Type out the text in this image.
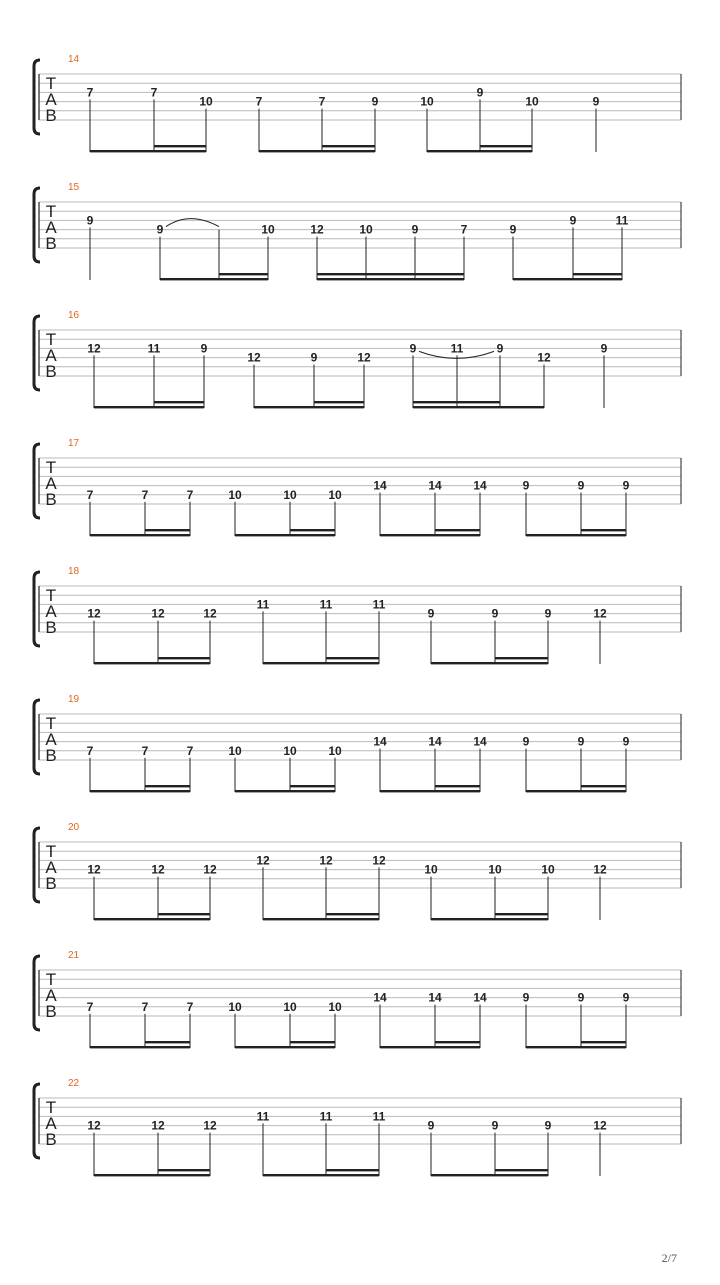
14
T
A
B
7	7
10	7	7	9	10
9
10	9
15
T
A
B
9
9	10	12	10	9	7	9
9	11
16
T
A
B
12	11	9
12	9	12
9	11	9
12
9
17
T
A
B 7	7	7	10	10	10
14	14	14	9	9	9
18
T
A
B
12	12	12
11	11	11
9	9	9	12
19
T
A
B 7	7	7	10	10	10
14	14	14	9	9	9
20
T
A
B
12	12	12
12	12	12
10	10	10	12
21
T
A
B 7	7	7	10	10	10
14	14	14	9	9	9
22
T
A
B
12	12	12
11	11	11
9	9	9	12
2/7
